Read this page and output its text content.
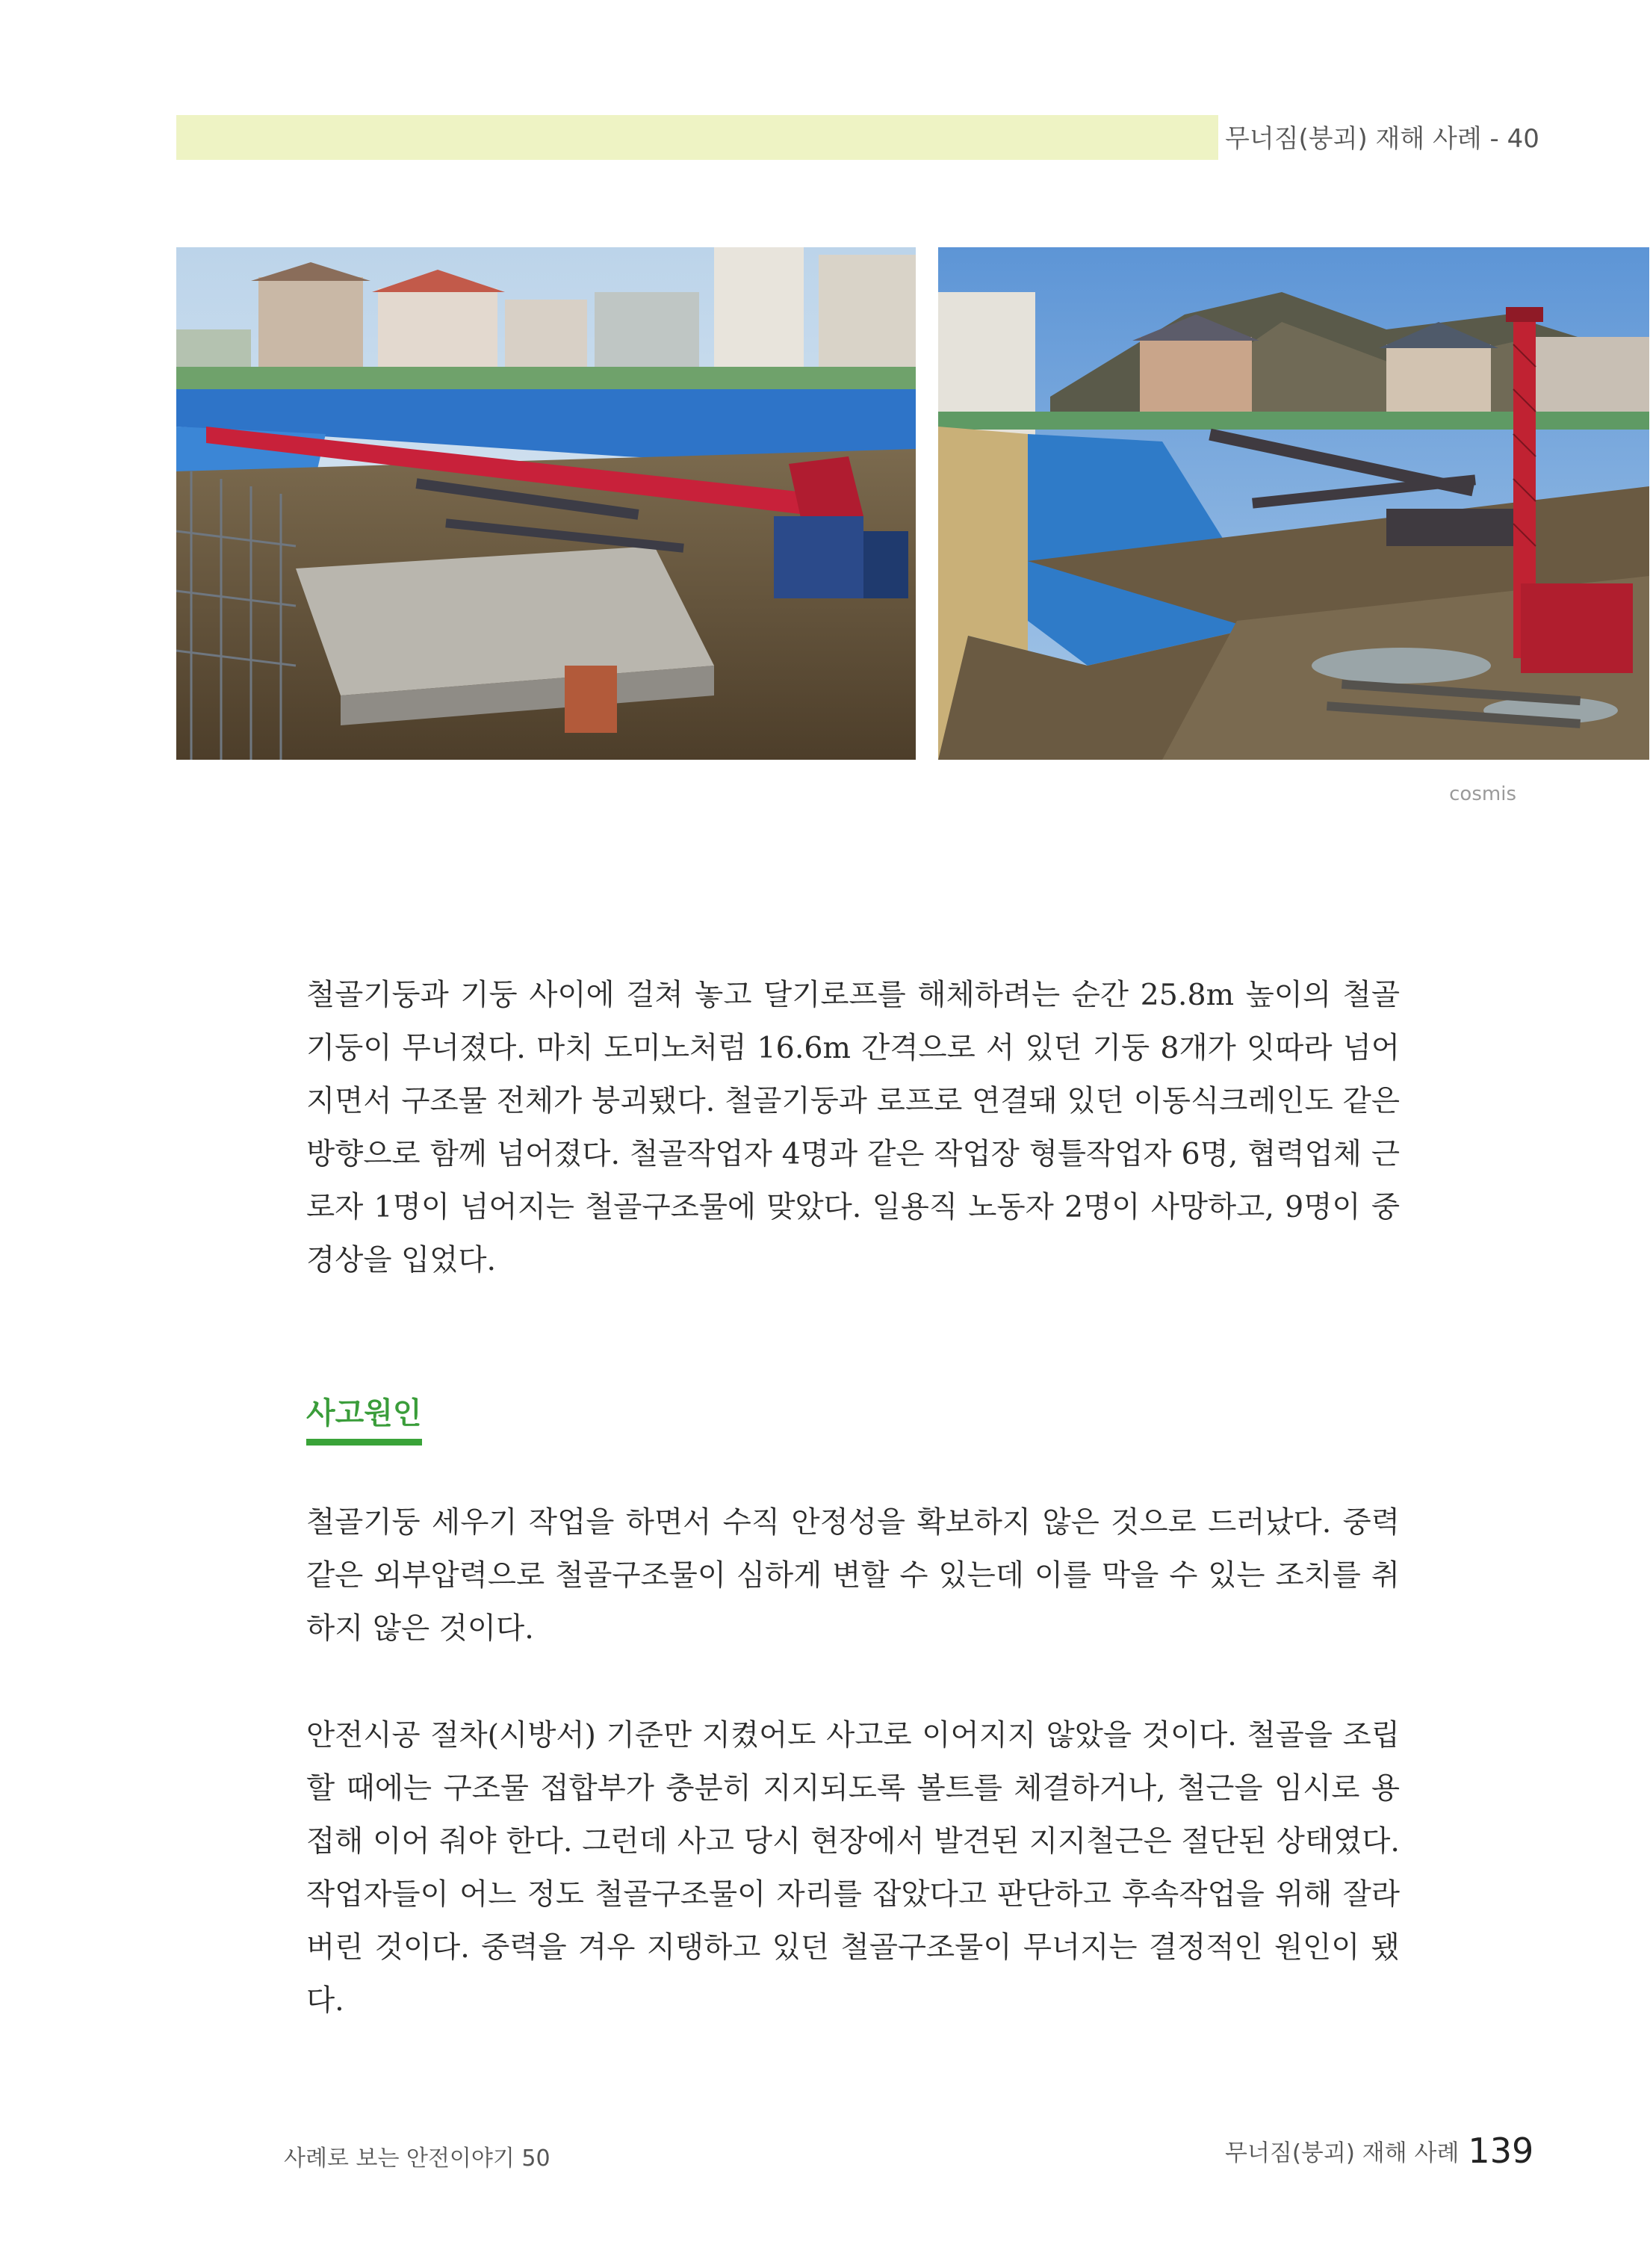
무너짐(붕괴) 재해 사례 - 40
cosmis

철골기둥과 기둥 사이에 걸쳐 놓고 달기로프를 해체하려는 순간 25.8m 높이의 철골기둥이 무너졌다. 마치 도미노처럼 16.6m 간격으로 서 있던 기둥 8개가 잇따라 넘어지면서 구조물 전체가 붕괴됐다. 철골기둥과 로프로 연결돼 있던 이동식크레인도 같은 방향으로 함께 넘어졌다. 철골작업자 4명과 같은 작업장 형틀작업자 6명, 협력업체 근로자 1명이 넘어지는 철골구조물에 맞았다. 일용직 노동자 2명이 사망하고, 9명이 중경상을 입었다.

사고원인

철골기둥 세우기 작업을 하면서 수직 안정성을 확보하지 않은 것으로 드러났다. 중력 같은 외부압력으로 철골구조물이 심하게 변할 수 있는데 이를 막을 수 있는 조치를 취하지 않은 것이다.

안전시공 절차(시방서) 기준만 지켰어도 사고로 이어지지 않았을 것이다. 철골을 조립할 때에는 구조물 접합부가 충분히 지지되도록 볼트를 체결하거나, 철근을 임시로 용접해 이어 줘야 한다. 그런데 사고 당시 현장에서 발견된 지지철근은 절단된 상태였다. 작업자들이 어느 정도 철골구조물이 자리를 잡았다고 판단하고 후속작업을 위해 잘라 버린 것이다. 중력을 겨우 지탱하고 있던 철골구조물이 무너지는 결정적인 원인이 됐다.

사례로 보는 안전이야기 50	무너짐(붕괴) 재해 사례 139
